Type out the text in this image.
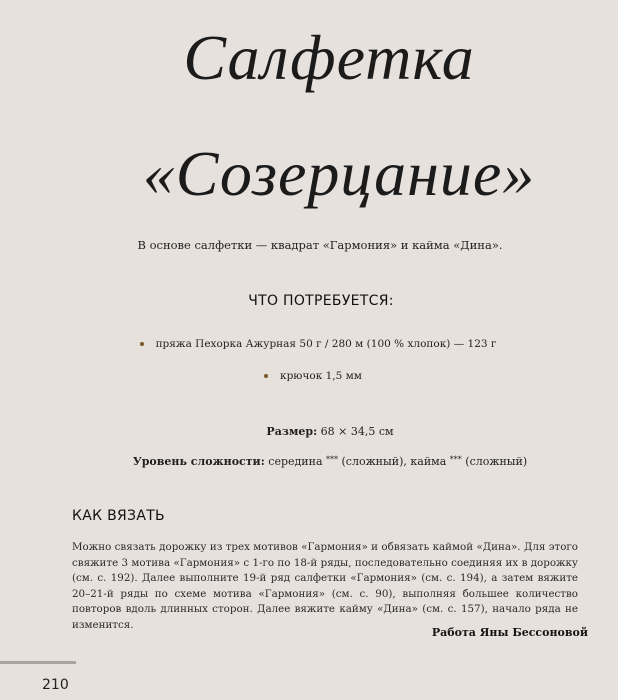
Салфетка
«Созерцание»

В основе салфетки — квадрат «Гармония» и кайма «Дина».

ЧТО ПОТРЕБУЕТСЯ:
пряжа Пехорка Ажурная 50 г / 280 м (100 % хлопок) — 123 г
крючок 1,5 мм

Размер: 68 × 34,5 см

Уровень сложности: середина *** (сложный), кайма *** (сложный)

КАК ВЯЗАТЬ

Можно связать дорожку из трех мотивов «Гармония» и обвязать каймой «Дина». Для этого свяжите 3 мотива «Гармония» с 1-го по 18-й ряды, последовательно соединяя их в дорожку (см. с. 192). Далее выполните 19-й ряд салфетки «Гармония» (см. с. 194), а затем вяжите 20–21-й ряды по схеме мотива «Гармония» (см. с. 90), выполняя большее количество повторов вдоль длинных сторон. Далее вяжите кайму «Дина» (см. с. 157), начало ряда не изменится.

Работа Яны Бессоновой

210
